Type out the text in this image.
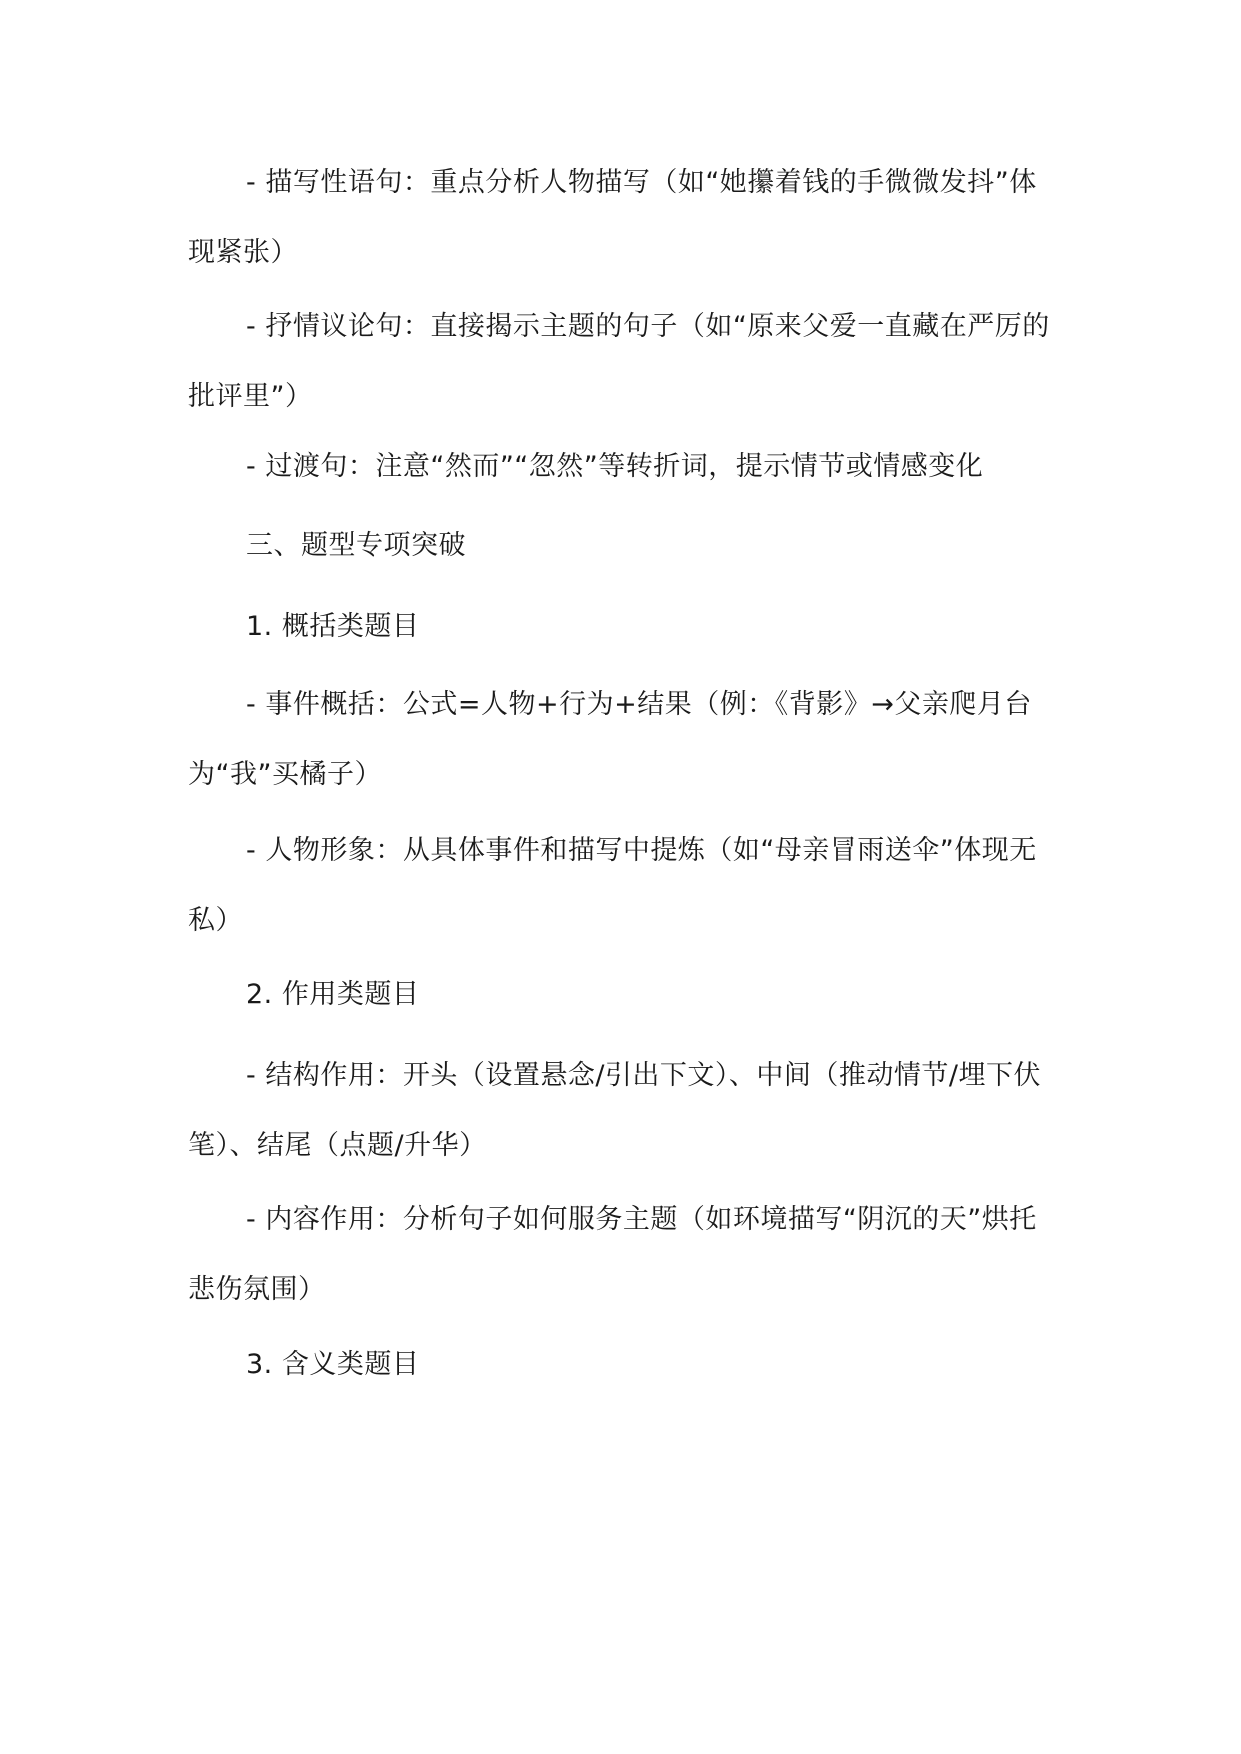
- 描写性语句：重点分析人物描写（如“她攥着钱的手微微发抖”体现紧张）

- 抒情议论句：直接揭示主题的句子（如“原来父爱一直藏在严厉的批评里”）

- 过渡句：注意“然而”“忽然”等转折词，提示情节或情感变化

三、题型专项突破

1. 概括类题目

- 事件概括：公式=人物+行为+结果（例：《背影》→父亲爬月台为“我”买橘子）

- 人物形象：从具体事件和描写中提炼（如“母亲冒雨送伞”体现无私）

2. 作用类题目

- 结构作用：开头（设置悬念/引出下文）、中间（推动情节/埋下伏笔）、结尾（点题/升华）

- 内容作用：分析句子如何服务主题（如环境描写“阴沉的天”烘托悲伤氛围）

3. 含义类题目
